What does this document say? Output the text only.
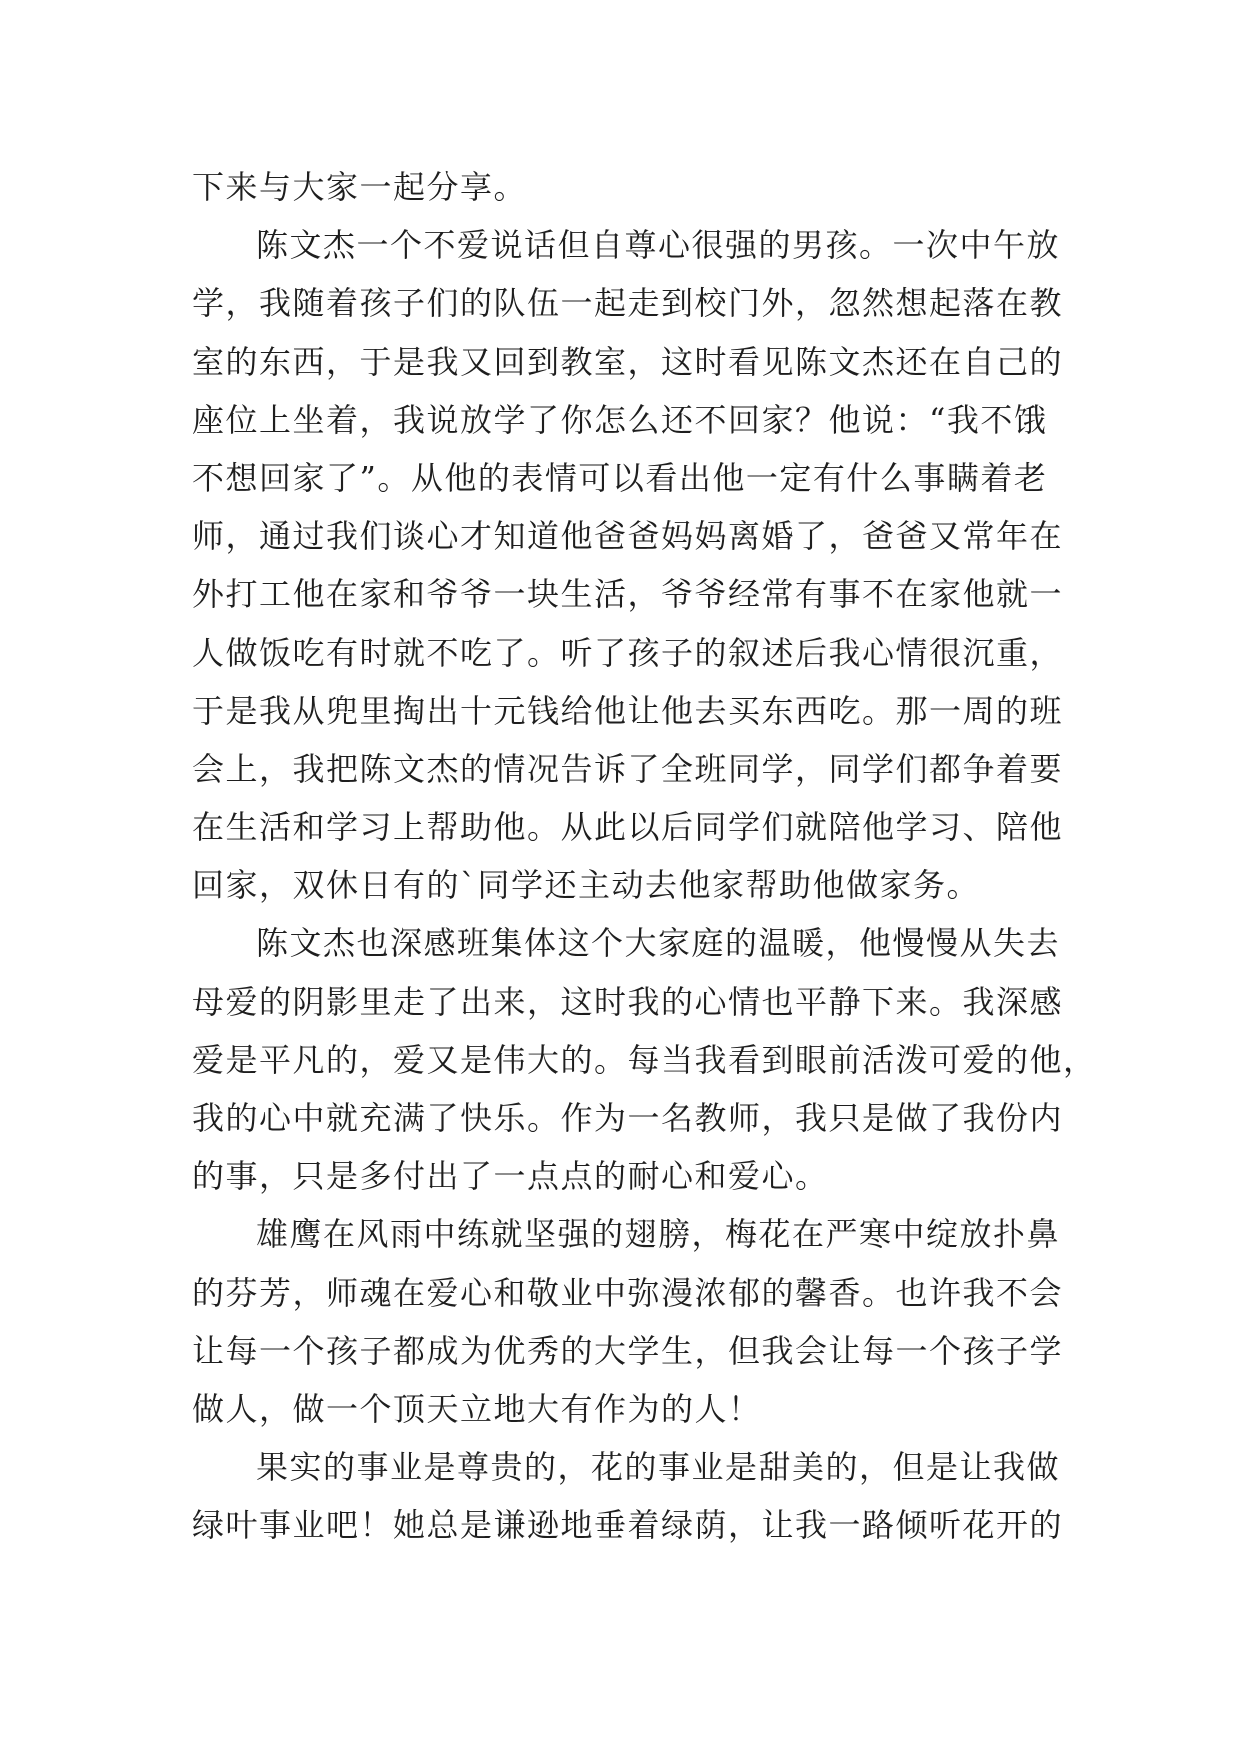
下来与大家一起分享。
陈文杰一个不爱说话但自尊心很强的男孩。一次中午放
学，我随着孩子们的队伍一起走到校门外，忽然想起落在教
室的东西，于是我又回到教室，这时看见陈文杰还在自己的
座位上坐着，我说放学了你怎么还不回家？他说：“我不饿
不想回家了”。从他的表情可以看出他一定有什么事瞒着老
师，通过我们谈心才知道他爸爸妈妈离婚了，爸爸又常年在
外打工他在家和爷爷一块生活，爷爷经常有事不在家他就一
人做饭吃有时就不吃了。听了孩子的叙述后我心情很沉重，
于是我从兜里掏出十元钱给他让他去买东西吃。那一周的班
会上，我把陈文杰的情况告诉了全班同学，同学们都争着要
在生活和学习上帮助他。从此以后同学们就陪他学习、陪他
回家，双休日有的`同学还主动去他家帮助他做家务。
陈文杰也深感班集体这个大家庭的温暖，他慢慢从失去
母爱的阴影里走了出来，这时我的心情也平静下来。我深感
爱是平凡的，爱又是伟大的。每当我看到眼前活泼可爱的他，
我的心中就充满了快乐。作为一名教师，我只是做了我份内
的事，只是多付出了一点点的耐心和爱心。
雄鹰在风雨中练就坚强的翅膀，梅花在严寒中绽放扑鼻
的芬芳，师魂在爱心和敬业中弥漫浓郁的馨香。也许我不会
让每一个孩子都成为优秀的大学生，但我会让每一个孩子学
做人，做一个顶天立地大有作为的人！
果实的事业是尊贵的，花的事业是甜美的，但是让我做
绿叶事业吧！她总是谦逊地垂着绿荫，让我一路倾听花开的
